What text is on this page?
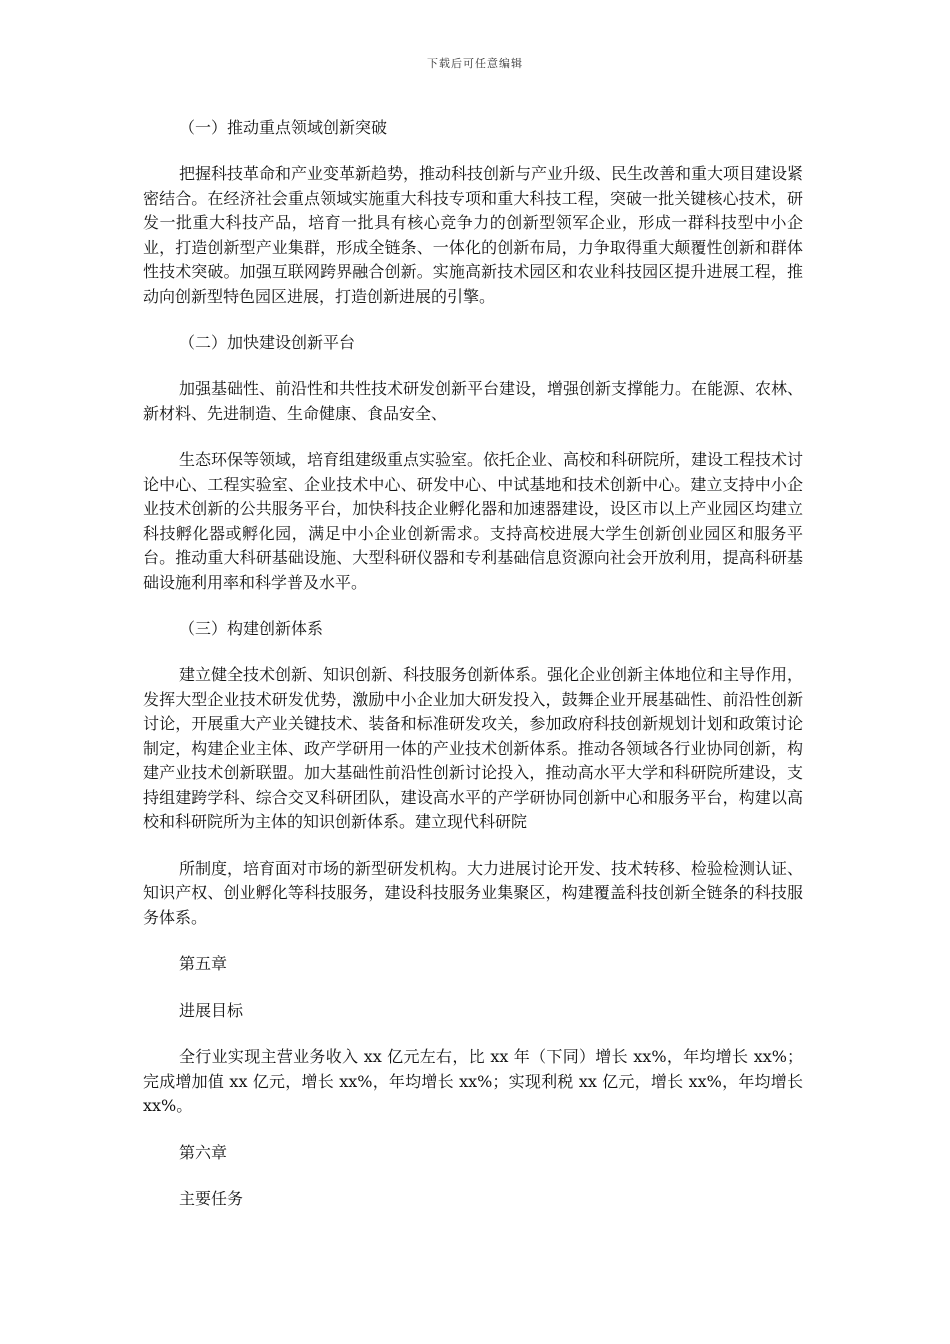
下载后可任意编辑
（一）推动重点领域创新突破
把握科技革命和产业变革新趋势，推动科技创新与产业升级、民生改善和重大项目建设紧密结合。在经济社会重点领域实施重大科技专项和重大科技工程，突破一批关键核心技术，研发一批重大科技产品，培育一批具有核心竞争力的创新型领军企业，形成一群科技型中小企业，打造创新型产业集群，形成全链条、一体化的创新布局，力争取得重大颠覆性创新和群体性技术突破。加强互联网跨界融合创新。实施高新技术园区和农业科技园区提升进展工程，推动向创新型特色园区进展，打造创新进展的引擎。
（二）加快建设创新平台
加强基础性、前沿性和共性技术研发创新平台建设，增强创新支撑能力。在能源、农林、新材料、先进制造、生命健康、食品安全、
生态环保等领域，培育组建级重点实验室。依托企业、高校和科研院所，建设工程技术讨论中心、工程实验室、企业技术中心、研发中心、中试基地和技术创新中心。建立支持中小企业技术创新的公共服务平台，加快科技企业孵化器和加速器建设，设区市以上产业园区均建立科技孵化器或孵化园，满足中小企业创新需求。支持高校进展大学生创新创业园区和服务平台。推动重大科研基础设施、大型科研仪器和专利基础信息资源向社会开放利用，提高科研基础设施利用率和科学普及水平。
（三）构建创新体系
建立健全技术创新、知识创新、科技服务创新体系。强化企业创新主体地位和主导作用，发挥大型企业技术研发优势，激励中小企业加大研发投入，鼓舞企业开展基础性、前沿性创新讨论，开展重大产业关键技术、装备和标准研发攻关，参加政府科技创新规划计划和政策讨论制定，构建企业主体、政产学研用一体的产业技术创新体系。推动各领域各行业协同创新，构建产业技术创新联盟。加大基础性前沿性创新讨论投入，推动高水平大学和科研院所建设，支持组建跨学科、综合交叉科研团队，建设高水平的产学研协同创新中心和服务平台，构建以高校和科研院所为主体的知识创新体系。建立现代科研院
所制度，培育面对市场的新型研发机构。大力进展讨论开发、技术转移、检验检测认证、知识产权、创业孵化等科技服务，建设科技服务业集聚区，构建覆盖科技创新全链条的科技服务体系。
第五章
进展目标
全行业实现主营业务收入 xx 亿元左右，比 xx 年（下同）增长 xx%，年均增长 xx%；完成增加值 xx 亿元，增长 xx%，年均增长 xx%；实现利税 xx 亿元，增长 xx%，年均增长 xx%。
第六章
主要任务
